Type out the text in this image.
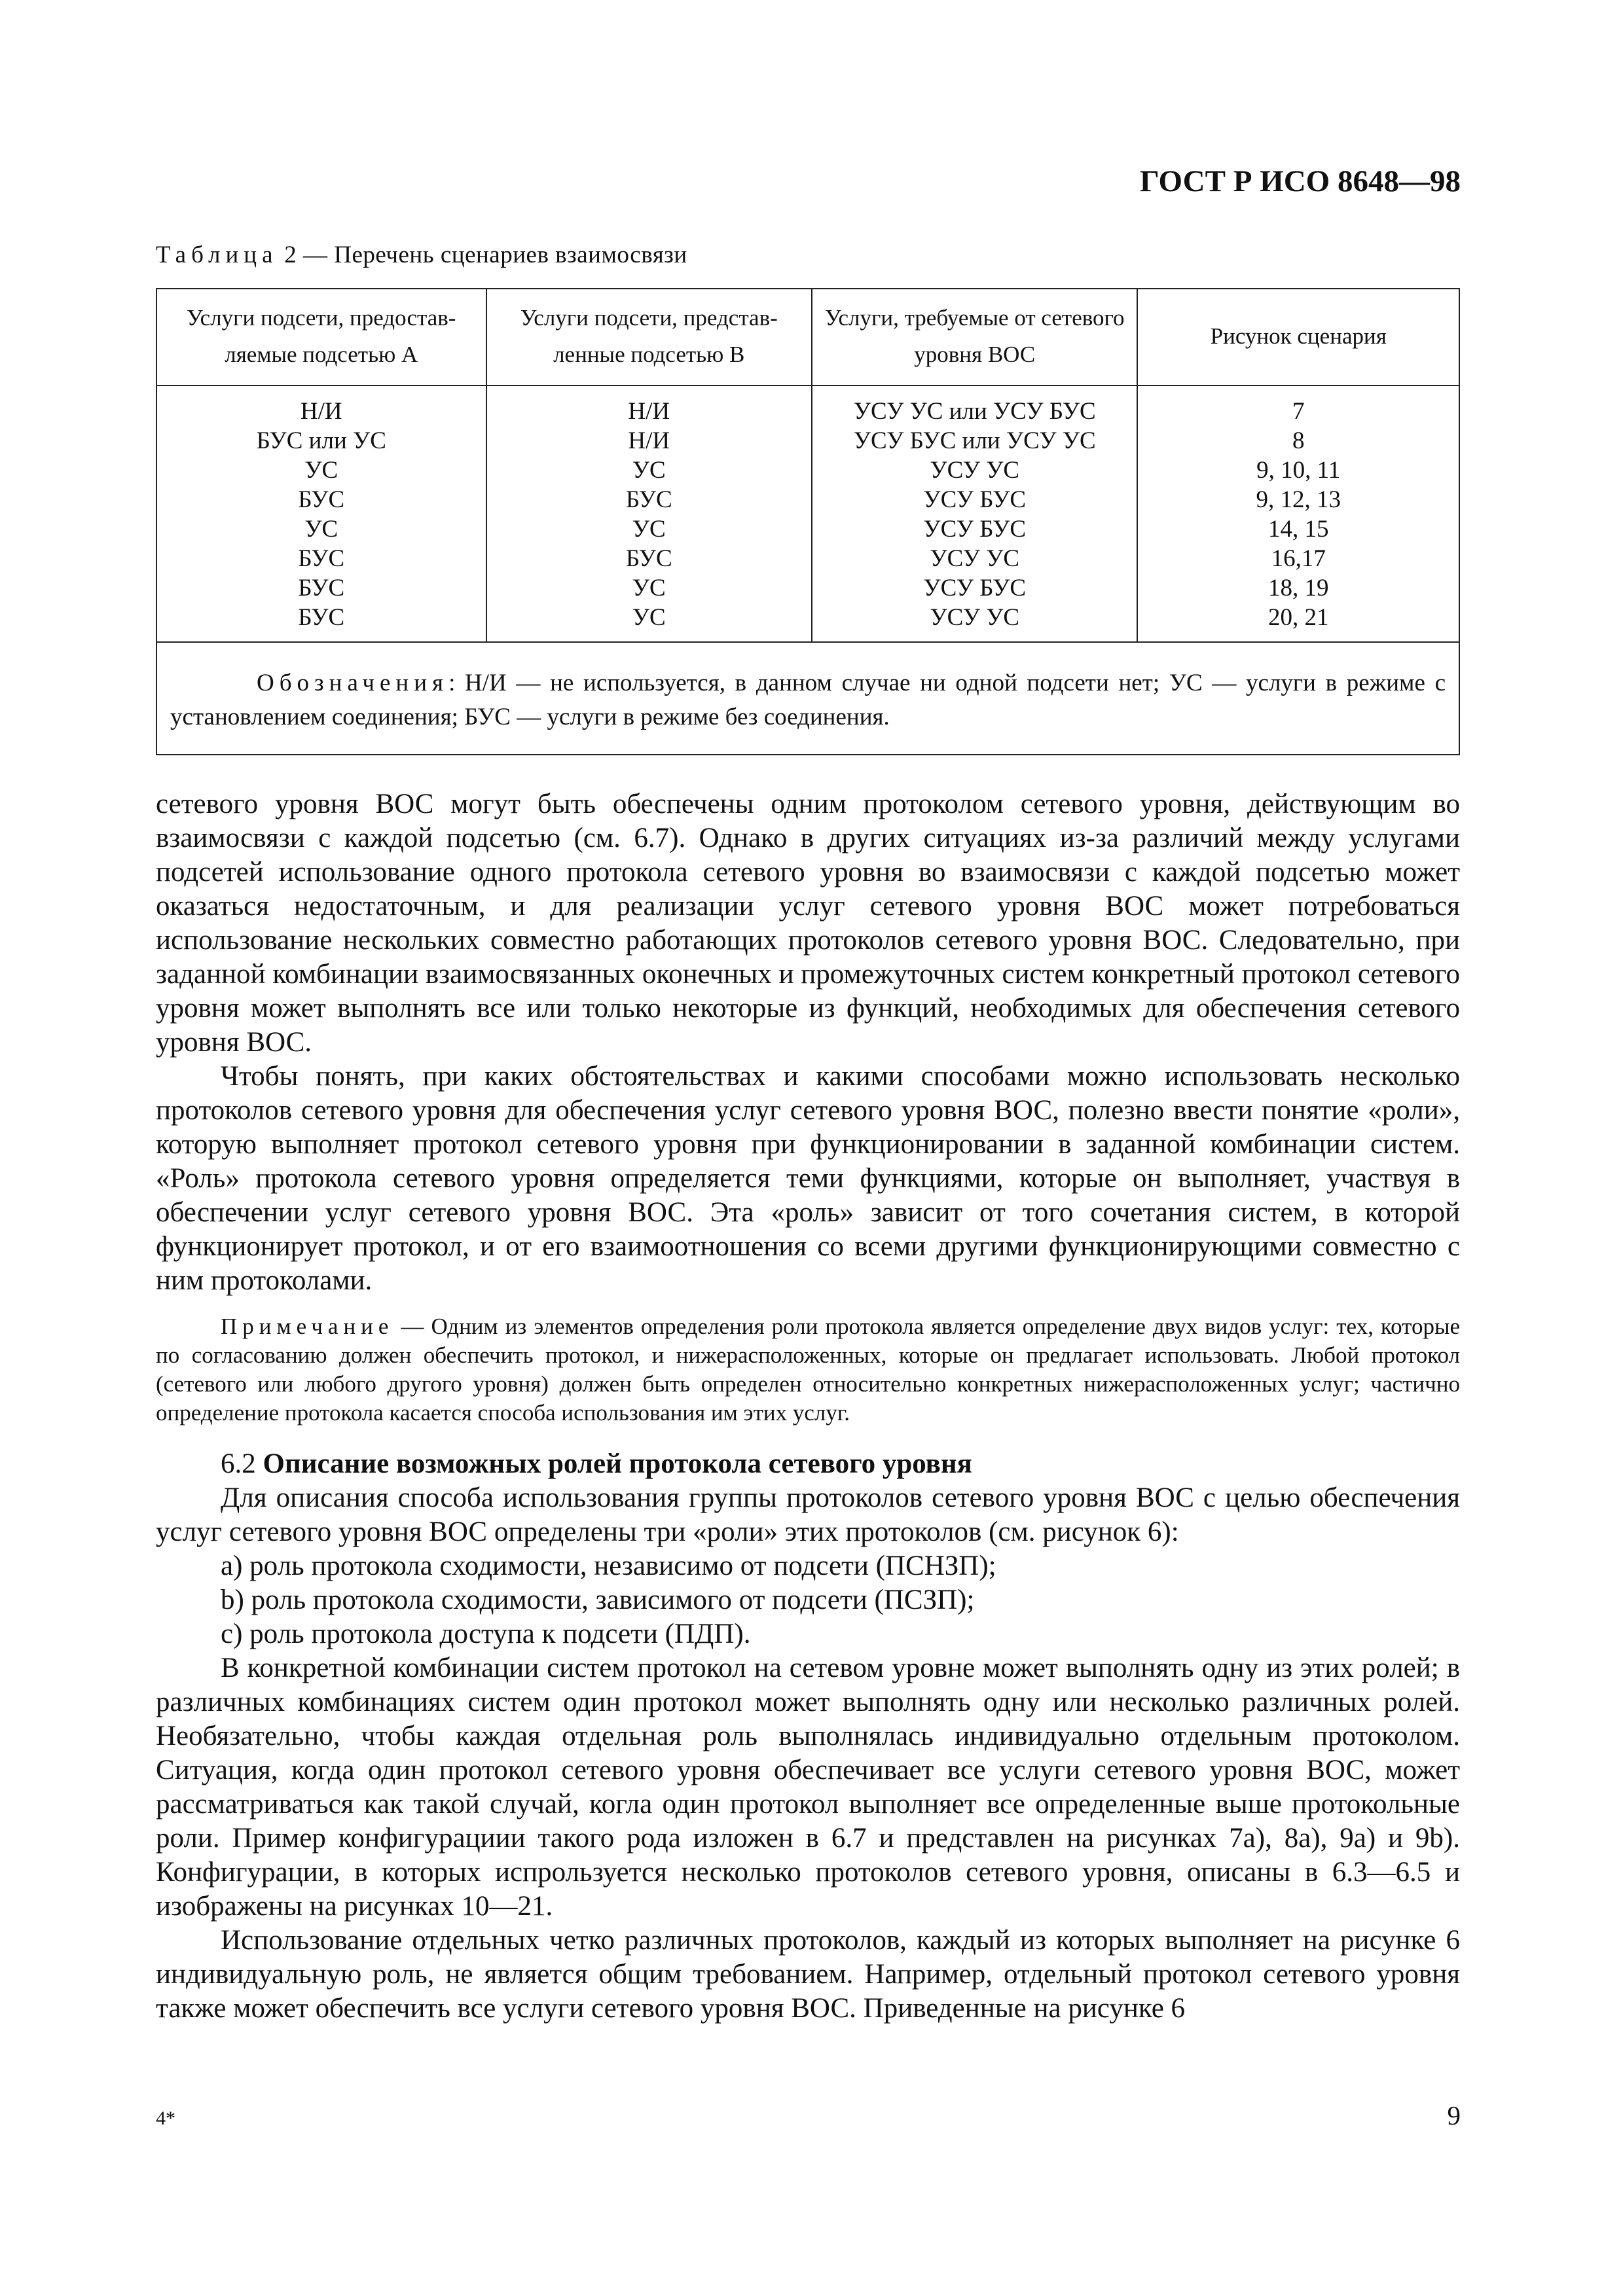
ГОСТ Р ИСО 8648—98
Таблица 2 — Перечень сценариев взаимосвязи
Услуги подсети, предостав-ляемые подсетью А	Услуги подсети, представ-ленные подсетью В	Услуги, требуемые от сетевого уровня ВОС	Рисунок сценария
Н/И	Н/И	УСУ УС или УСУ БУС	7
БУС или УС	Н/И	УСУ БУС или УСУ УС	8
УС	УС	УСУ УС	9, 10, 11
БУС	БУС	УСУ БУС	9, 12, 13
УС	УС	УСУ БУС	14, 15
БУС	БУС	УСУ УС	16,17
БУС	УС	УСУ БУС	18, 19
БУС	УС	УСУ УС	20, 21
Обозначения: Н/И — не используется, в данном случае ни одной подсети нет; УС — услуги в режиме с установлением соединения; БУС — услуги в режиме без соединения.			

сетевого уровня ВОС могут быть обеспечены одним протоколом сетевого уровня, действующим во взаимосвязи с каждой подсетью (см. 6.7). Однако в других ситуациях из-за различий между услугами подсетей использование одного протокола сетевого уровня во взаимосвязи с каждой подсетью может оказаться недостаточным, и для реализации услуг сетевого уровня ВОС может потребоваться использование нескольких совместно работающих протоколов сетевого уровня ВОС. Следовательно, при заданной комбинации взаимосвязанных оконечных и промежуточных систем конкретный протокол сетевого уровня может выполнять все или только некоторые из функций, необходимых для обеспечения сетевого уровня ВОС.

Чтобы понять, при каких обстоятельствах и какими способами можно использовать несколько протоколов сетевого уровня для обеспечения услуг сетевого уровня ВОС, полезно ввести понятие «роли», которую выполняет протокол сетевого уровня при функционировании в заданной комбинации систем. «Роль» протокола сетевого уровня определяется теми функциями, которые он выполняет, участвуя в обеспечении услуг сетевого уровня ВОС. Эта «роль» зависит от того сочетания систем, в которой функционирует протокол, и от его взаимоотношения со всеми другими функционирующими совместно с ним протоколами.

Примечание — Одним из элементов определения роли протокола является определение двух видов услуг: тех, которые по согласованию должен обеспечить протокол, и нижерасположенных, которые он предлагает использовать. Любой протокол (сетевого или любого другого уровня) должен быть определен относительно конкретных нижерасположенных услуг; частично определение протокола касается способа использования им этих услуг.

6.2 Описание возможных ролей протокола сетевого уровня

Для описания способа использования группы протоколов сетевого уровня ВОС с целью обеспечения услуг сетевого уровня ВОС определены три «роли» этих протоколов (см. рисунок 6):

a) роль протокола сходимости, независимо от подсети (ПСНЗП);

b) роль протокола сходимости, зависимого от подсети (ПСЗП);

c) роль протокола доступа к подсети (ПДП).

В конкретной комбинации систем протокол на сетевом уровне может выполнять одну из этих ролей; в различных комбинациях систем один протокол может выполнять одну или несколько различных ролей. Необязательно, чтобы каждая отдельная роль выполнялась индивидуально отдельным протоколом. Ситуация, когда один протокол сетевого уровня обеспечивает все услуги сетевого уровня ВОС, может рассматриваться как такой случай, когла один протокол выполняет все определенные выше протокольные роли. Пример конфигурациии такого рода изложен в 6.7 и представлен на рисунках 7а), 8а), 9а) и 9b). Конфигурации, в которых испрользуется несколько протоколов сетевого уровня, описаны в 6.3—6.5 и изображены на рисунках 10—21.

Использование отдельных четко различных протоколов, каждый из которых выполняет на рисунке 6 индивидуальную роль, не является общим требованием. Например, отдельный протокол сетевого уровня также может обеспечить все услуги сетевого уровня ВОС. Приведенные на рисунке 6

4*	9
